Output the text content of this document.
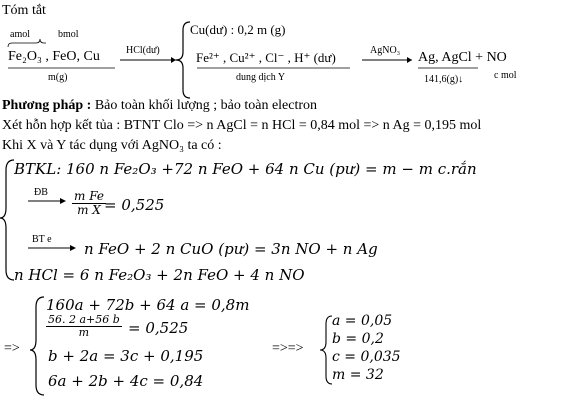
Tóm tắt
amol	bmol
Fe₂O₃ , FeO, Cu
m(g)
HCl(dư)
Cu(dư) : 0,2 m (g)
Fe²⁺ , Cu²⁺ , Cl⁻ , H⁺ (dư)
dung dịch Y
AgNO₃ Ag, AgCl + NO
141,6(g)↓	c mol
Phương pháp : Bảo toàn khối lượng ; bảo toàn electron
Xét hỗn hợp kết tủa : BTNT Clo => n AgCl = n HCl = 0,84 mol => n Ag = 0,195 mol
Khi X và Y tác dụng với AgNO₃ ta có :
BTKL: 160 n Fe₂O₃ +72 n FeO + 64 n Cu (pư) = m − m c.rắn
ĐB $\frac{\text{m Fe}}{\text{m X}}$
= 0,525
BT e
n FeO + 2 n CuO (pư) = 3n NO + n Ag
n HCl = 6 n Fe₂O₃ + 2n FeO + 4 n NO
=>
160a + 72b + 64 a = 0,8m
$\frac{56. 2 a+56 b}{m} = 0,525$
b + 2a = 3c + 0,195
6a + 2b + 4c = 0,84
=>=>
a = 0,05
b = 0,2
c = 0,035
m = 32
